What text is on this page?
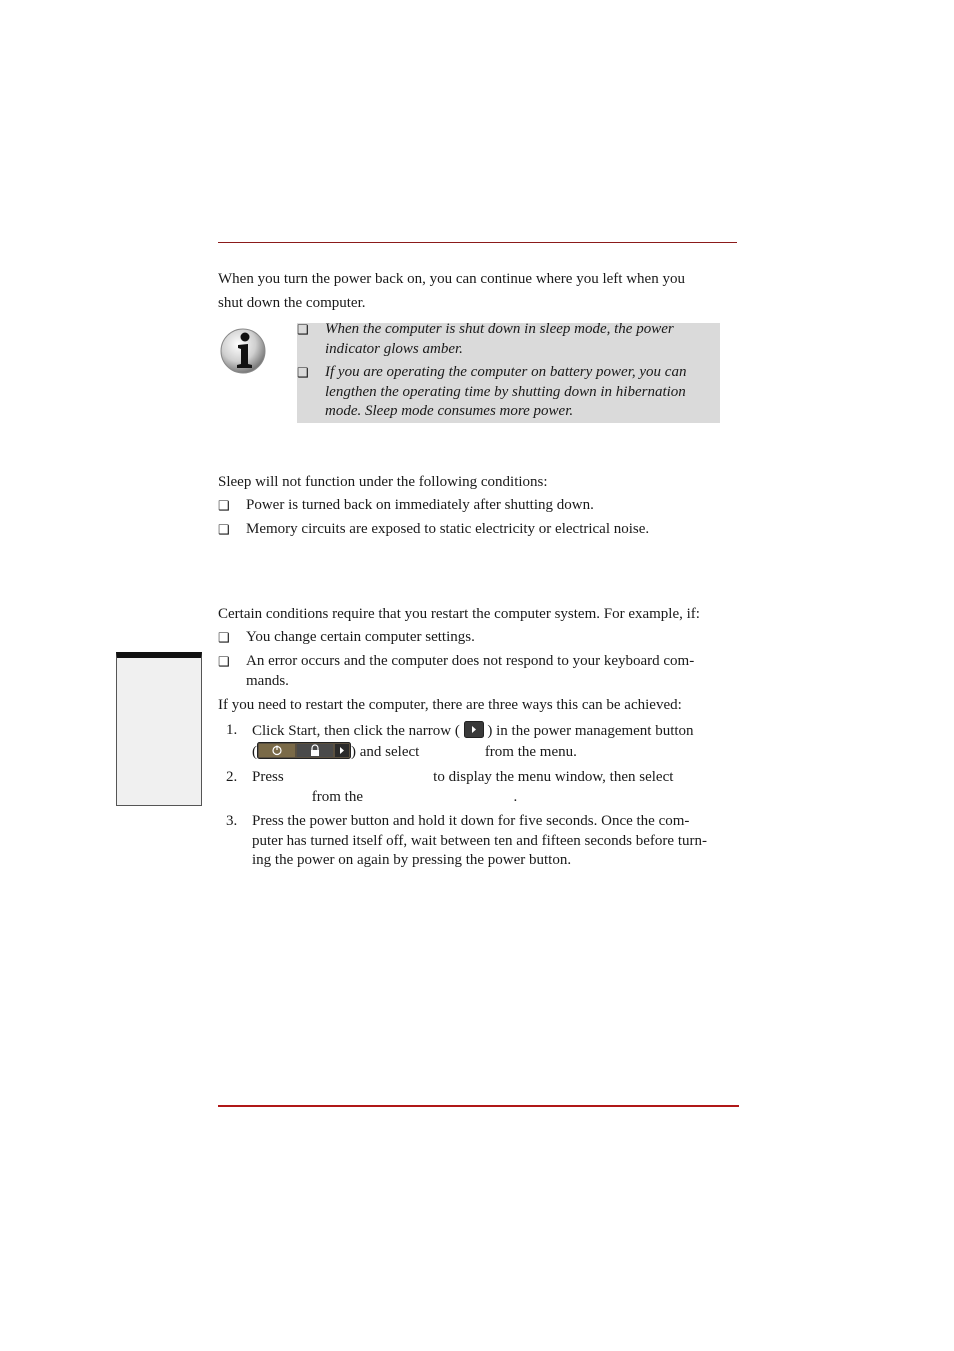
When you turn the power back on, you can continue where you left when you
shut down the computer.
❑ When the computer is shut down in sleep mode, the power
indicator glows amber.
❑ If you are operating the computer on battery power, you can
lengthen the operating time by shutting down in hibernation
mode. Sleep mode consumes more power.
Sleep will not function under the following conditions:
❑ Power is turned back on immediately after shutting down.
❑ Memory circuits are exposed to static electricity or electrical noise.
Certain conditions require that you restart the computer system. For example, if:
❑ You change certain computer settings.
❑ An error occurs and the computer does not respond to your keyboard com-
mands.
If you need to restart the computer, there are three ways this can be achieved:
1. Click Start, then click the narrow ( ) in the power management button
(	) and select	from the menu.
2. Press	to display the menu window, then select
from the	.
3. Press the power button and hold it down for five seconds. Once the com-
puter has turned itself off, wait between ten and fifteen seconds before turn-
ing the power on again by pressing the power button.
